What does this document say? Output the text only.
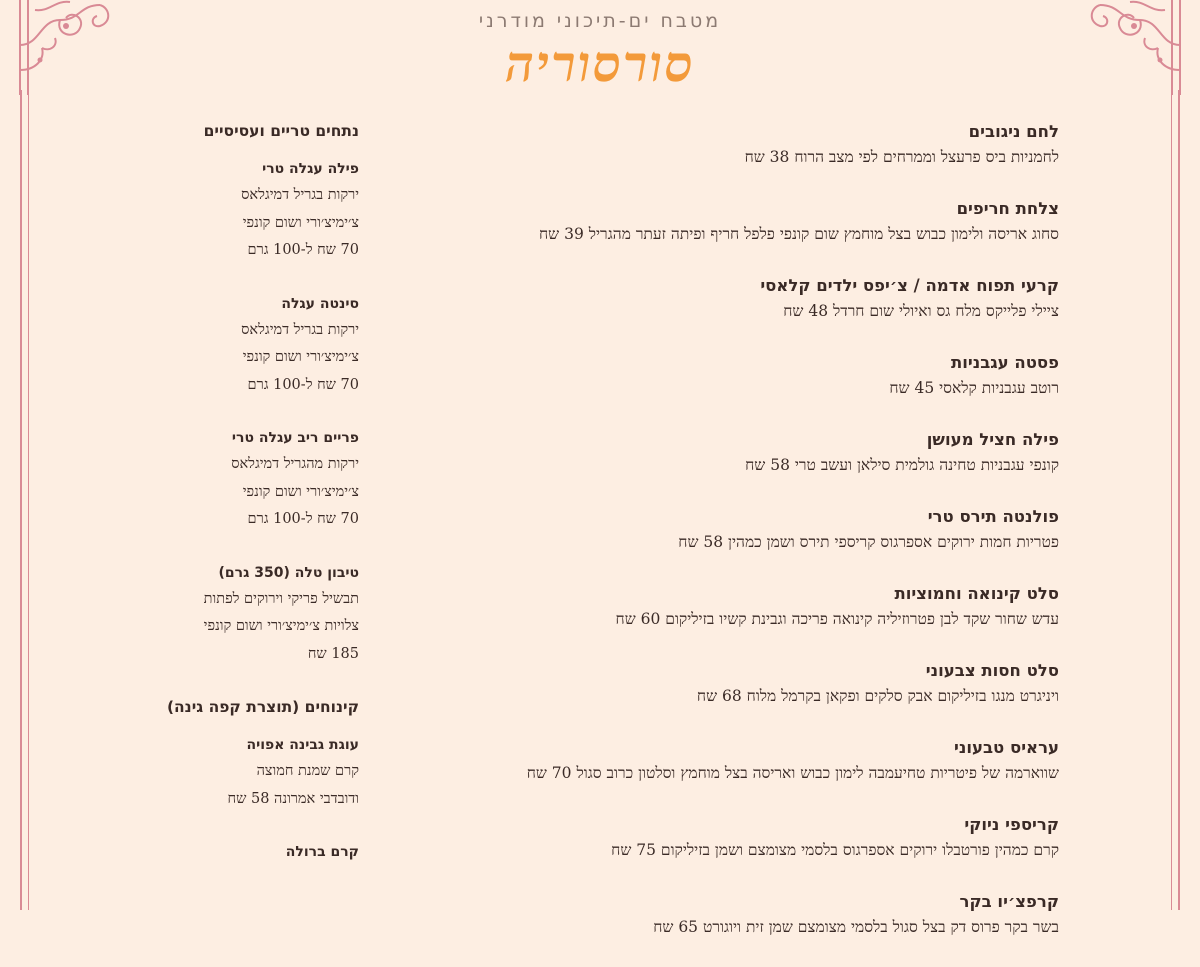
מטבח ים-תיכוני מודרני
סורסוריה
לחם ניגובים
לחמניות ביס פרעצל וממרחים לפי מצב הרוח 38 שח
צלחת חריפים
סחוג אריסה ולימון כבוש בצל מוחמץ שום קונפי פלפל חריף ופיתה זעתר מהגריל 39 שח
קרעי תפוח אדמה / צ׳יפס ילדים קלאסי
ציילי פלייקס מלח גס ואיולי שום חרדל 48 שח
פסטה עגבניות
רוטב עגבניות קלאסי 45 שח
פילה חציל מעושן
קונפי עגבניות טחינה גולמית סילאן ועשב טרי 58 שח
פולנטה תירס טרי
פטריות חמות ירוקים אספרגוס קריספי תירס ושמן כמהין 58 שח
סלט קינואה וחמוציות
עדש שחור שקד לבן פטרוזיליה קינואה פריכה וגבינת קשיו בזיליקום 60 שח
סלט חסות צבעוני
ויניגרט מנגו בזיליקום אבק סלקים ופקאן בקרמל מלוח 68 שח
עראיס טבעוני
שווארמה של פיטריות טחיעמבה לימון כבוש ואריסה בצל מוחמץ וסלטון כרוב סגול 70 שח
קריספי ניוקי
קרם כמהין פורטבלו ירוקים אספרגוס בלסמי מצומצם ושמן בזיליקום 75 שח
קרפצ׳יו בקר
בשר בקר פרוס דק בצל סגול בלסמי מצומצם שמן זית ויוגורט 65 שח
נתחים טריים ועסיסיים
פילה עגלה טרי
ירקות בגריל דמיגלאס
צ׳ימיצ׳ורי ושום קונפי
70 שח ל-100 גרם
סינטה עגלה
ירקות בגריל דמיגלאס
צ׳ימיצ׳ורי ושום קונפי
70 שח ל-100 גרם
פריים ריב עגלה טרי
ירקות מהגריל דמיגלאס
צ׳ימיצ׳ורי ושום קונפי
70 שח ל-100 גרם
טיבון טלה (350 גרם)
תבשיל פריקי וירוקים לפתות
צלויות צ׳ימיצ׳ורי ושום קונפי
185 שח
קינוחים (תוצרת קפה גינה)
עוגת גבינה אפויה
קרם שמנת חמוצה
ודובדבי אמרונה 58 שח
קרם ברולה
